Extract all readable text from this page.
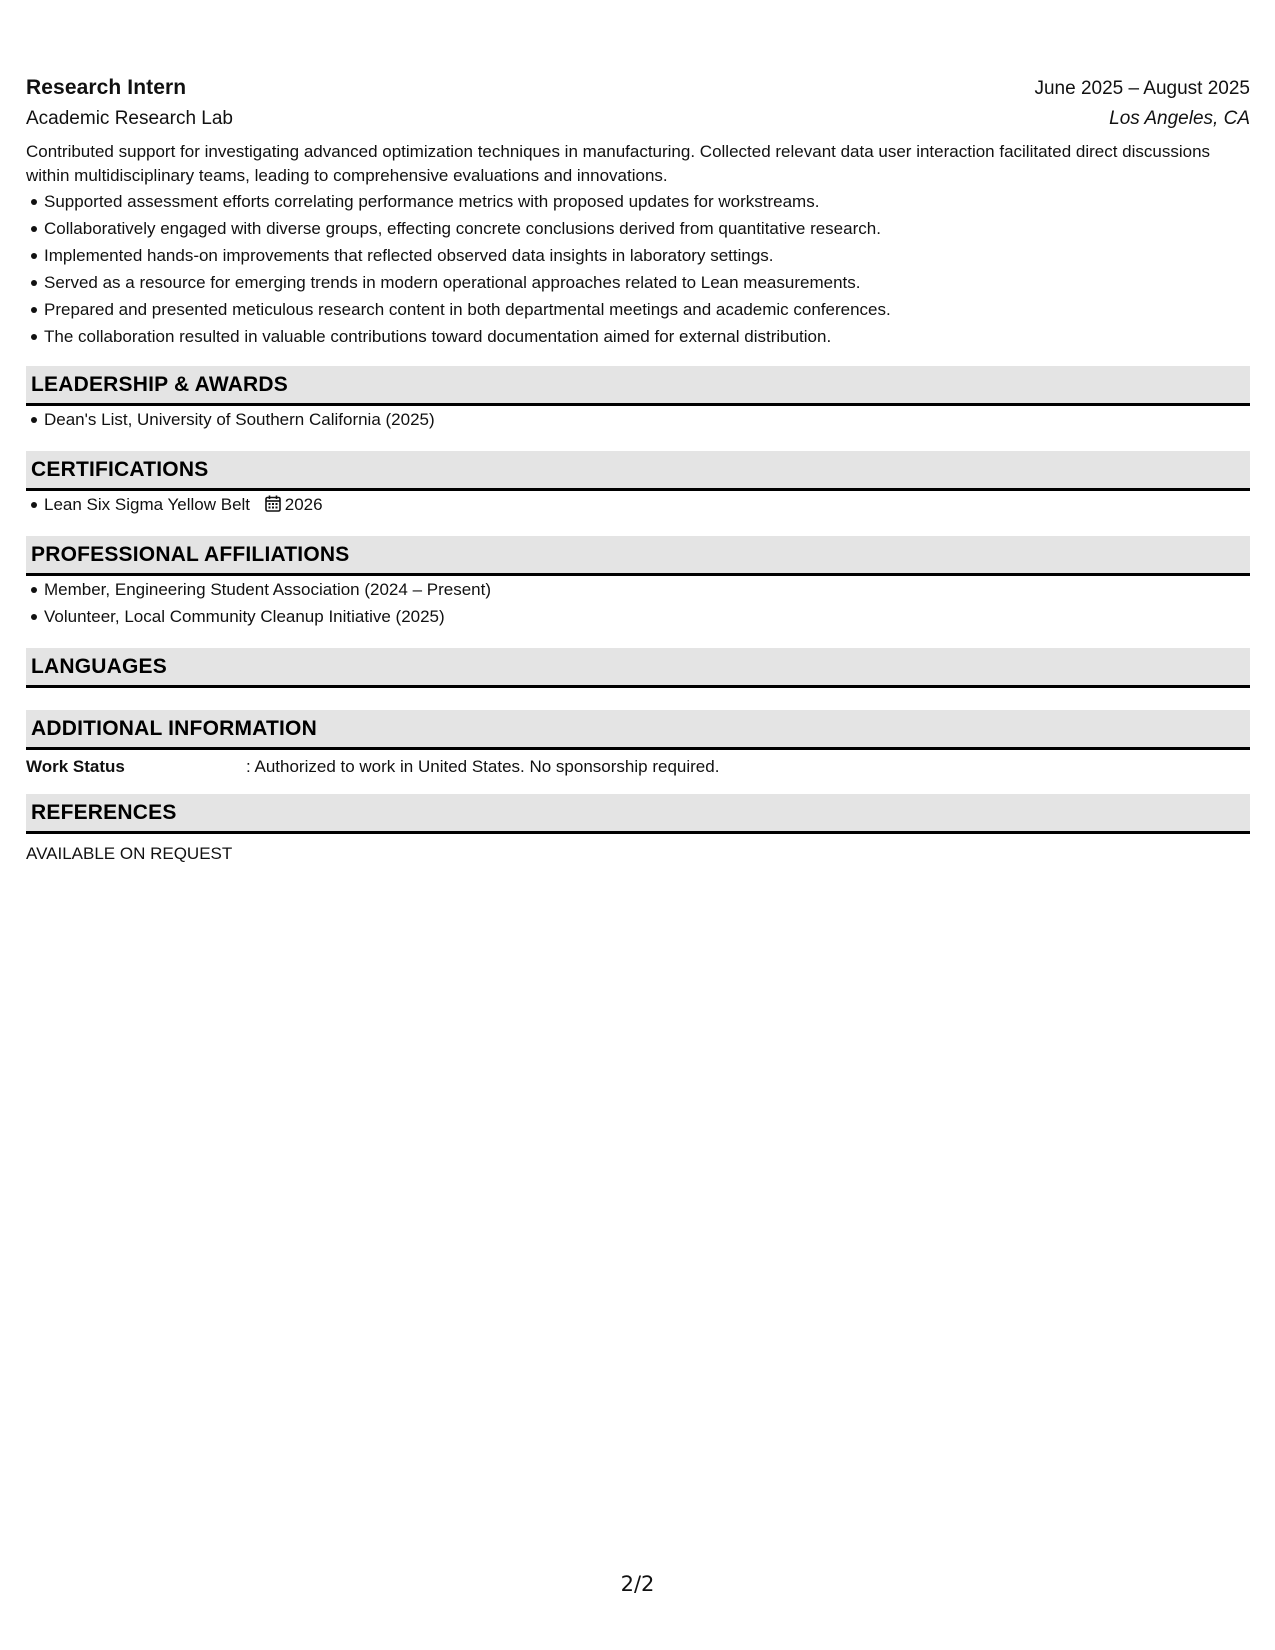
Research Intern	June 2025 – August 2025
Academic Research Lab	Los Angeles, CA
Contributed support for investigating advanced optimization techniques in manufacturing. Collected relevant data user interaction facilitated direct discussions within multidisciplinary teams, leading to comprehensive evaluations and innovations.
Supported assessment efforts correlating performance metrics with proposed updates for workstreams.
Collaboratively engaged with diverse groups, effecting concrete conclusions derived from quantitative research.
Implemented hands-on improvements that reflected observed data insights in laboratory settings.
Served as a resource for emerging trends in modern operational approaches related to Lean measurements.
Prepared and presented meticulous research content in both departmental meetings and academic conferences.
The collaboration resulted in valuable contributions toward documentation aimed for external distribution.
LEADERSHIP & AWARDS
Dean's List, University of Southern California (2025)
CERTIFICATIONS
Lean Six Sigma Yellow Belt 2026
PROFESSIONAL AFFILIATIONS
Member, Engineering Student Association (2024 – Present)
Volunteer, Local Community Cleanup Initiative (2025)
LANGUAGES
ADDITIONAL INFORMATION
Work Status	: Authorized to work in United States. No sponsorship required.
REFERENCES
AVAILABLE ON REQUEST
2/2
